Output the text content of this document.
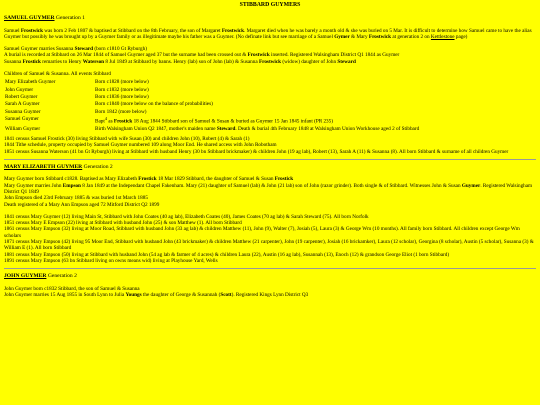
STIBBARD GUYMERS
SAMUEL GUYMER Generation 1

Samuel Frostwick was born 2 Feb 1807 & baptised at Stibbard on the 8th February, the son of Margaret Frostwick. Margaret died when he was barely a month old & she was buried on 5 Mar. It is difficult to determine how Samuel came to have the alias Guymer but possibly he was brought up by a Guymer family or as illegitimate maybe his father was a Guymer. (No definate link but see marriage of a Samuel Gymer & Mary Frostwick at generation 2 on Kettlestone page)

Samuel Guymer marries Susanna Steward (born c1810 Gt Ryburgh)

A burial is recorded at Stibbard on 26 Mar 1844 of Samuel Guymer aged 37 but the surname had been crossed out & Frostwick inserted. Registered Walsingham District Q1 1844 as Guymer

Susanna Frostick remarries to Henry Waterson 8 Jul 1849 at Stibbard by banns. Henry (lab) son of John (lab) & Susanna Frostwick (widow) daughter of John Steward

Children of Samuel & Susanna. All events Stibbard

Mary Elizabeth Guymer	Born c1828 (more below)
John Guymer	Born c1832 (more below)
Robert Guymer	Born c1836 (more below)
Sarah A Guymer	Born c1840 (more below on the balance of probabilities)
Susanna Guymer	Born 1842 (more below)
Samuel Guymer	Bapt$^4$ as Frostick 18 Aug 1844 Stibbard son of Samuel & Susan & buried as Guymer 15 Jan 1845 infant (PR 235)
William Guymer	Birth Walsingham Union Q2 1847, mother's maiden name Steward. Death & burial 4th February 1848 at Walsingham Union Workhouse aged 2 of Stibbard

1841 census Samuel Frostick (30) living Stibbard with wife Susan (30) and children John (10), Robert (4) & Sarah (1)

1844 Tithe schedule, property occupied by Samuel Guymer numbered 109 along Moor End. He shared access with John Robotham

1851 census Susanna Waterson (41 bn Gt Ryburgh) living at Stibbard with husband Henry (30 bn Stibbard brickmaker) & children John (19 ag lab), Robert (13), Sarah A (11) & Susanna (8). All born Stibbard & surname of all children Guymer

MARY ELIZABETH GUYMER Generation 2

Mary Guymer born Stibbard c1828. Baptised as Mary Elizabeth Frostick 18 Mar 1829 Stibbard, the daughter of Samuel & Susan Frostick

Mary Guymer marries John Empson 8 Jan 1849 at the Independant Chapel Fakenham. Mary (21) daughter of Samuel (lab) & John (21 lab) son of John (razor grinder). Both single & of Stibbard. Witnesses John & Susan Guymer. Registered Walsingham District Q1 1849

John Empson died 23rd February 1885 & was buried 1st March 1885

Death registered of a Mary Ann Empson aged 72 Mitford District Q2 1899

1841 census Mary Guymer (12) living Main St, Stibbard with John Coates (40 ag lab), Elizabeth Coates (40), James Coates (70 ag lab) & Sarah Steward (75). All born Norfolk

1851 census Mary E Empson (22) living at Stibbard with husband John (25) & son Matthew (1). All born Stibbard

1861 census Mary Empson (32) living at Moor Road, Stibbard with husband John (33 ag lab) & children Matthew (11), John (9), Walter (7), Josiah (5), Laura (3) & George Wm (10 months). All family born Stibbard. All children except George Wm scholars

1871 census Mary Empson (42) living 95 Moor End, Stibbard with husband John (43 brickmaker) & children Matthew (21 carpenter), John (19 carpenter), Josiah (16 brickamker), Laura (12 scholar), Georgina (8 scholar), Austin (5 scholar), Susanna (3) & William E (1). All born Stibbard

1881 census Mary Empson (50) living at Stibbard with husband John (54 ag lab & farmer of 4 acres) & children Laura (22), Austin (16 ag lab), Susannah (13), Enoch (12) & grandson George Eliot (1 born Stibbard)

1891 census Mary Empson (63 bn Stibbard living on owns means wid) living at Playhouse Yard, Wells

JOHN GUYMER Generation 2

John Guymer born c1832 Stibbard, the son of Samuel & Susanna

John Guymer marries 15 Aug 1855 in South Lynn to Julia Youngs the daughter of George & Susannah (Scott). Registered Kings Lynn District Q3
